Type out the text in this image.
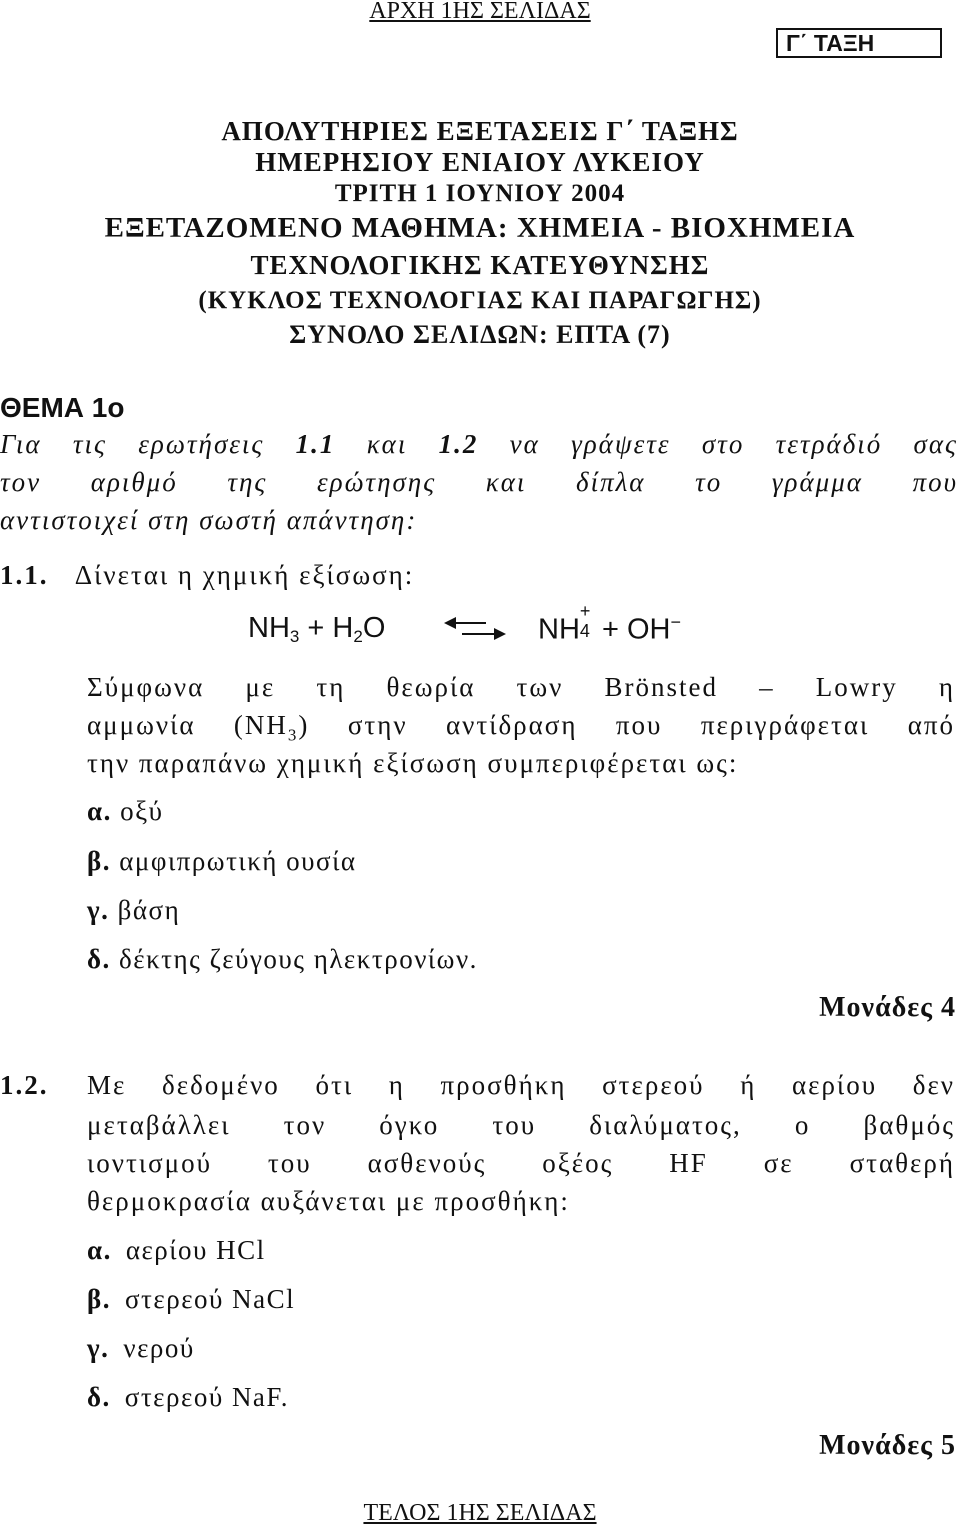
ΑΡΧΗ 1ΗΣ ΣΕΛΙΔΑΣ
Γ΄ ΤΑΞΗ
ΑΠΟΛΥΤΗΡΙΕΣ ΕΞΕΤΑΣΕΙΣ Γ΄ ΤΑΞΗΣ
ΗΜΕΡΗΣΙΟΥ ΕΝΙΑΙΟΥ ΛΥΚΕΙΟΥ
ΤΡΙΤΗ 1 ΙΟΥΝΙΟΥ 2004
ΕΞΕΤΑΖΟΜΕΝΟ ΜΑΘΗΜΑ: ΧΗΜΕΙΑ - ΒΙΟΧΗΜΕΙΑ
ΤΕΧΝΟΛΟΓΙΚΗΣ ΚΑΤΕΥΘΥΝΣΗΣ
(ΚΥΚΛΟΣ ΤΕΧΝΟΛΟΓΙΑΣ ΚΑΙ ΠΑΡΑΓΩΓΗΣ)
ΣΥΝΟΛΟ ΣΕΛΙΔΩΝ: ΕΠΤΑ (7)
ΘΕΜΑ 1ο
Για τις ερωτήσεις 1.1 και 1.2 να γράψετε στο τετράδιό σας
τον αριθμό της ερώτησης και δίπλα το γράμμα που
αντιστοιχεί στη σωστή απάντηση:
1.1. Δίνεται η χημική εξίσωση:
$NH_3 + H_2O$	NH
+
4 + OH−
Σύμφωνα με τη θεωρία των Brönsted – Lowry η
αμμωνία $(NH_3)$ στην αντίδραση που περιγράφεται από
την παραπάνω χημική εξίσωση συμπεριφέρεται ως:
α. οξύ
β. αμφιπρωτική ουσία
γ. βάση
δ. δέκτης ζεύγους ηλεκτρονίων.
Μονάδες 4
1.2. Με δεδομένο ότι η προσθήκη στερεού ή αερίου δεν
μεταβάλλει τον όγκο του διαλύματος, ο βαθμός
ιοντισμού του ασθενούς οξέος HF σε σταθερή
θερμοκρασία αυξάνεται με προσθήκη:
α. αερίου HCl
β. στερεού NaCl
γ. νερού
δ. στερεού NaF.
Μονάδες 5
ΤΕΛΟΣ 1ΗΣ ΣΕΛΙΔΑΣ
